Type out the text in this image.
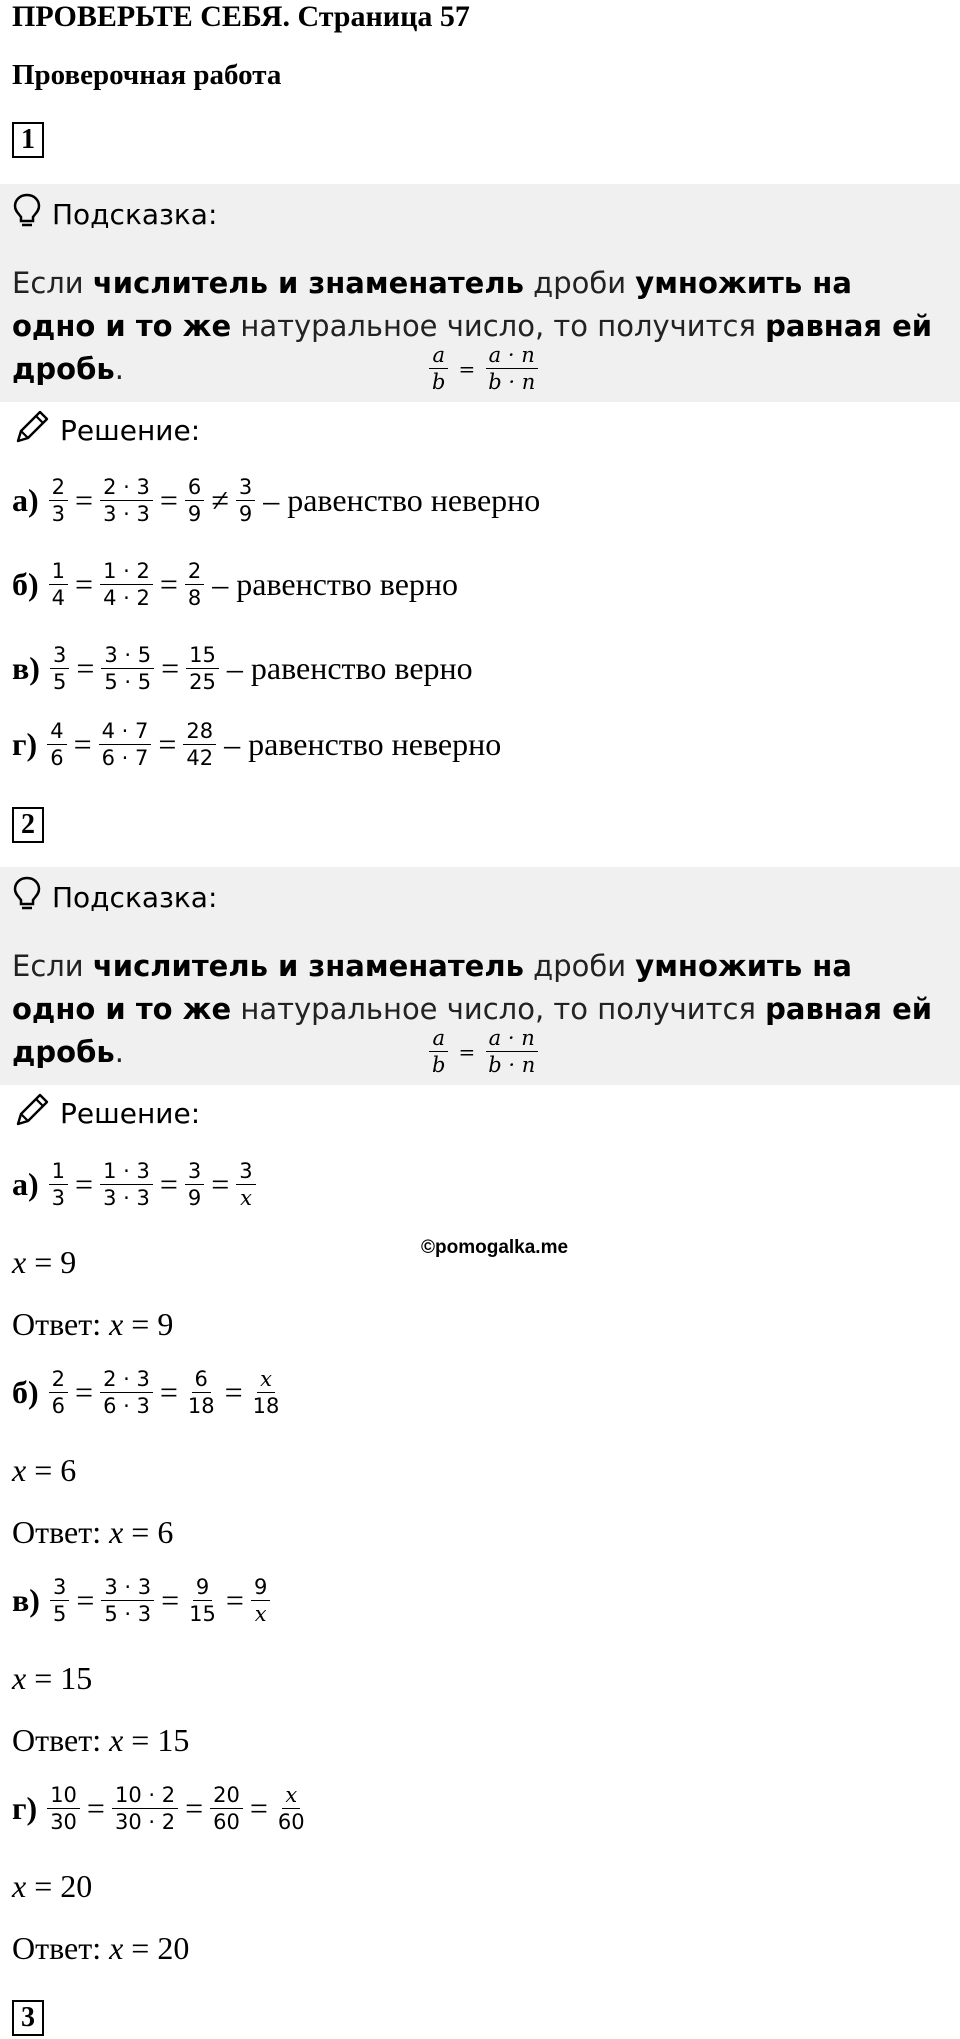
ПРОВЕРЬТЕ СЕБЯ. Страница 57
Проверочная работа
1
Подсказка:
Если числитель и знаменатель дроби умножить на одно и то же натуральное число, то получится равная ей дробь.	$\frac{a}{b} = \frac{a \cdot n}{b \cdot n}$
Решение:
$а) \frac{2}{3} = \frac{2 \cdot 3}{3 \cdot 3} = \frac{6}{9} \ne \frac{3}{9}$ – равенство неверно
$б) \frac{1}{4} = \frac{1 \cdot 2}{4 \cdot 2} = \frac{2}{8}$ – равенство верно
$в) \frac{3}{5} = \frac{3 \cdot 5}{5 \cdot 5} = \frac{15}{25}$ – равенство верно
$г) \frac{4}{6} = \frac{4 \cdot 7}{6 \cdot 7} = \frac{28}{42}$ – равенство неверно
2
Подсказка:
Если числитель и знаменатель дроби умножить на одно и то же натуральное число, то получится равная ей дробь.	$\frac{a}{b} = \frac{a \cdot n}{b \cdot n}$
Решение:
$а) \frac{1}{3} = \frac{1 \cdot 3}{3 \cdot 3} = \frac{3}{9} = \frac{3}{x}$
x = 9
Ответ: x = 9
©pomogalka.me
$б) \frac{2}{6} = \frac{2 \cdot 3}{6 \cdot 3} = \frac{6}{18} = \frac{x}{18}$
x = 6
Ответ: x = 6
$в) \frac{3}{5} = \frac{3 \cdot 3}{5 \cdot 3} = \frac{9}{15} = \frac{9}{x}$
x = 15
Ответ: x = 15
$г) \frac{10}{30} = \frac{10 \cdot 2}{30 \cdot 2} = \frac{20}{60} = \frac{x}{60}$
x = 20
Ответ: x = 20
3
